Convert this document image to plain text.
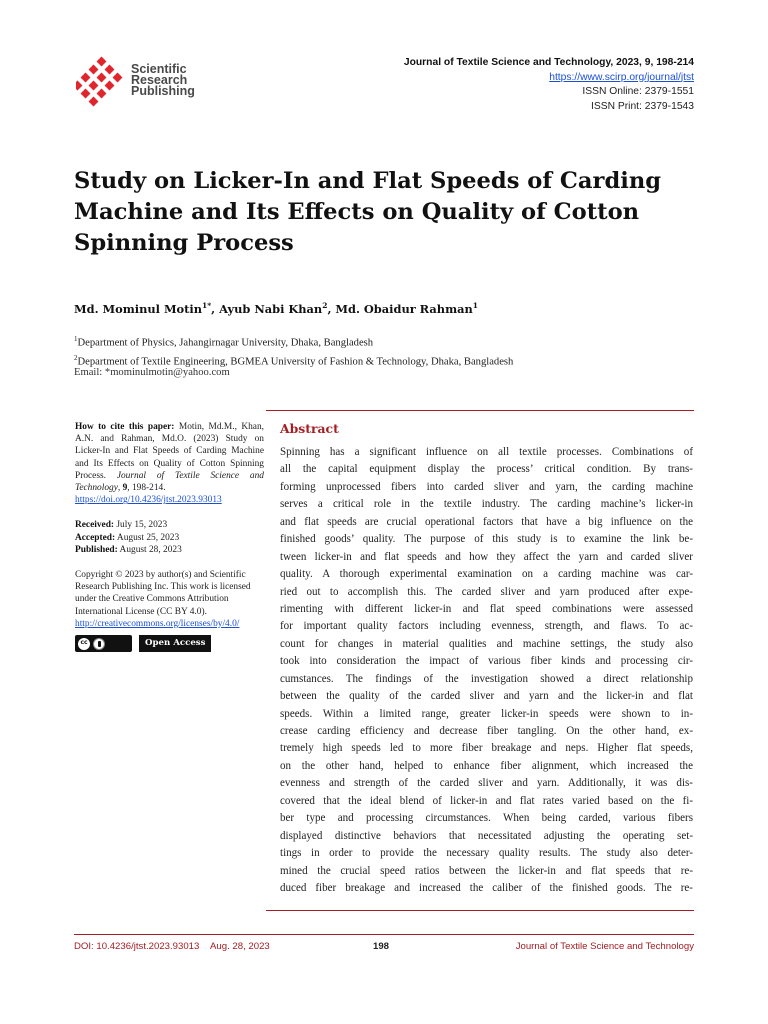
Scientific
Research
Publishing
Journal of Textile Science and Technology, 2023, 9, 198-214
https://www.scirp.org/journal/jtst
ISSN Online: 2379-1551
ISSN Print: 2379-1543
Study on Licker-In and Flat Speeds of Carding
Machine and Its Effects on Quality of Cotton
Spinning Process
Md. Mominul Motin$^{1*}$, Ayub Nabi Khan$^2$, Md. Obaidur Rahman$^1$
$^1$Department of Physics, Jahangirnagar University, Dhaka, Bangladesh
$^2$Department of Textile Engineering, BGMEA University of Fashion & Technology, Dhaka, Bangladesh
Email: *mominulmotin@yahoo.com
How to cite this paper: Motin, Md.M., Khan, A.N. and Rahman, Md.O. (2023) Study on Licker-In and Flat Speeds of Carding Machine and Its Effects on Quality of Cotton Spinning Process. Journal of Textile Science and Technology, 9, 198-214.
https://doi.org/10.4236/jtst.2023.93013
Received: July 15, 2023
Accepted: August 25, 2023
Published: August 28, 2023
Copyright © 2023 by author(s) and Scientific Research Publishing Inc. This work is licensed under the Creative Commons Attribution International License (CC BY 4.0).
http://creativecommons.org/licenses/by/4.0/
cc	Open Access
Abstract
Spinning has a significant influence on all textile processes. Combinations of
all the capital equipment display the process’ critical condition. By trans-
forming unprocessed fibers into carded sliver and yarn, the carding machine
serves a critical role in the textile industry. The carding machine’s licker-in
and flat speeds are crucial operational factors that have a big influence on the
finished goods’ quality. The purpose of this study is to examine the link be-
tween licker-in and flat speeds and how they affect the yarn and carded sliver
quality. A thorough experimental examination on a carding machine was car-
ried out to accomplish this. The carded sliver and yarn produced after expe-
rimenting with different licker-in and flat speed combinations were assessed
for important quality factors including evenness, strength, and flaws. To ac-
count for changes in material qualities and machine settings, the study also
took into consideration the impact of various fiber kinds and processing cir-
cumstances. The findings of the investigation showed a direct relationship
between the quality of the carded sliver and yarn and the licker-in and flat
speeds. Within a limited range, greater licker-in speeds were shown to in-
crease carding efficiency and decrease fiber tangling. On the other hand, ex-
tremely high speeds led to more fiber breakage and neps. Higher flat speeds,
on the other hand, helped to enhance fiber alignment, which increased the
evenness and strength of the carded sliver and yarn. Additionally, it was dis-
covered that the ideal blend of licker-in and flat rates varied based on the fi-
ber type and processing circumstances. When being carded, various fibers
displayed distinctive behaviors that necessitated adjusting the operating set-
tings in order to provide the necessary quality results. The study also deter-
mined the crucial speed ratios between the licker-in and flat speeds that re-
duced fiber breakage and increased the caliber of the finished goods. The re-
DOI: 10.4236/jtst.2023.93013 Aug. 28, 2023	198	Journal of Textile Science and Technology
